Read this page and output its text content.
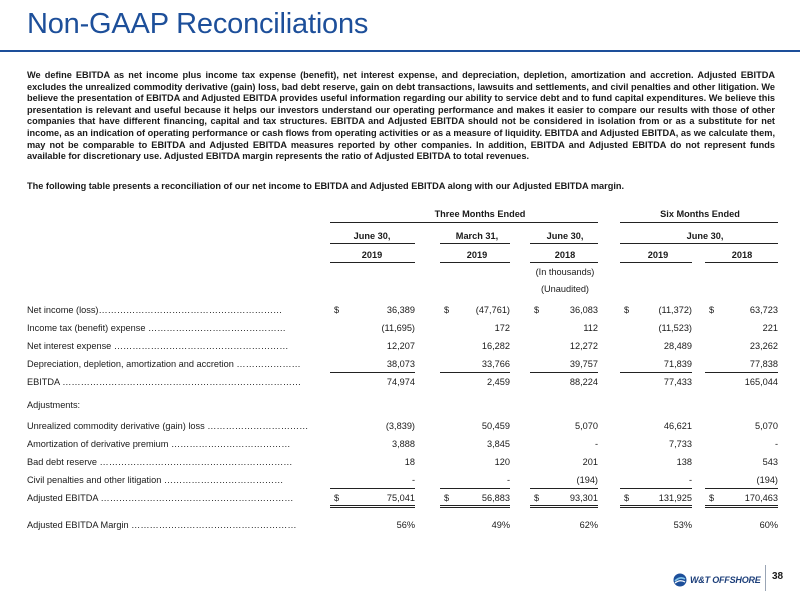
Non-GAAP Reconciliations
We define EBITDA as net income plus income tax expense (benefit), net interest expense, and depreciation, depletion, amortization and accretion. Adjusted EBITDA excludes the unrealized commodity derivative (gain) loss, bad debt reserve, gain on debt transactions, lawsuits and settlements, and civil penalties and other litigation. We believe the presentation of EBITDA and Adjusted EBITDA provides useful information regarding our ability to service debt and to fund capital expenditures. We believe this presentation is relevant and useful because it helps our investors understand our operating performance and makes it easier to compare our results with those of other companies that have different financing, capital and tax structures. EBITDA and Adjusted EBITDA should not be considered in isolation from or as a substitute for net income, as an indication of operating performance or cash flows from operating activities or as a measure of liquidity. EBITDA and Adjusted EBITDA, as we calculate them, may not be comparable to EBITDA and Adjusted EBITDA measures reported by other companies. In addition, EBITDA and Adjusted EBITDA do not represent funds available for discretionary use. Adjusted EBITDA margin represents the ratio of Adjusted EBITDA to total revenues.
The following table presents a reconciliation of our net income to EBITDA and Adjusted EBITDA along with our Adjusted EBITDA margin.
Three Months Ended	Six Months Ended
June 30,	March 31,	June 30,	June 30,
2019	2019	2018	2019	2018
(In thousands)
(Unaudited)
Net income (loss)……………………………………………………	36,389	(47,761)	36,083	(11,372)	63,723
$	$	$	$	$
Income tax (benefit) expense ………………………………………	(11,695)	172	112	(11,523)	221
Net interest expense …………………………………………………	12,207	16,282	12,272	28,489	23,262
Depreciation, depletion, amortization and accretion …………………	38,073	33,766	39,757	71,839	77,838
EBITDA ……………………………………………………………………	74,974	2,459	88,224	77,433	165,044
Adjustments:
Unrealized commodity derivative (gain) loss ……………………………	(3,839)	50,459	5,070	46,621	5,070
Amortization of derivative premium …………………………………	3,888	3,845	-	7,733	-
Bad debt reserve ………………………………………………………	18	120	201	138	543
Civil penalties and other litigation …………………………………	-	-	(194)	-	(194)
Adjusted EBITDA ………………………………………………………	75,041	56,883	93,301	131,925	170,463
$	$	$	$	$
Adjusted EBITDA Margin ………………………………………………	56%	49%	62%	53%	60%
W&T OFFSHORE 38
